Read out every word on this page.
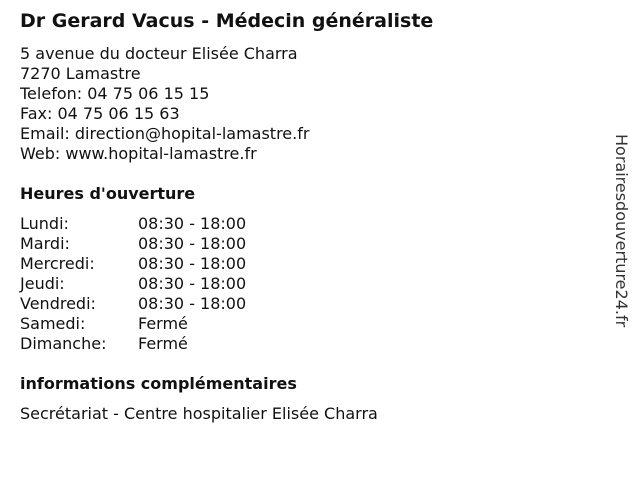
Dr Gerard Vacus - Médecin généraliste
5 avenue du docteur Elisée Charra
7270 Lamastre
Telefon: 04 75 06 15 15
Fax: 04 75 06 15 63
Email: direction@hopital-lamastre.fr
Web: www.hopital-lamastre.fr
Heures d'ouverture
Lundi:	08:30 - 18:00
Mardi:	08:30 - 18:00
Mercredi:	08:30 - 18:00
Jeudi:	08:30 - 18:00
Vendredi:	08:30 - 18:00
Samedi:	Fermé
Dimanche:	Fermé
informations complémentaires
Secrétariat - Centre hospitalier Elisée Charra
Horairesdouverture24.fr
